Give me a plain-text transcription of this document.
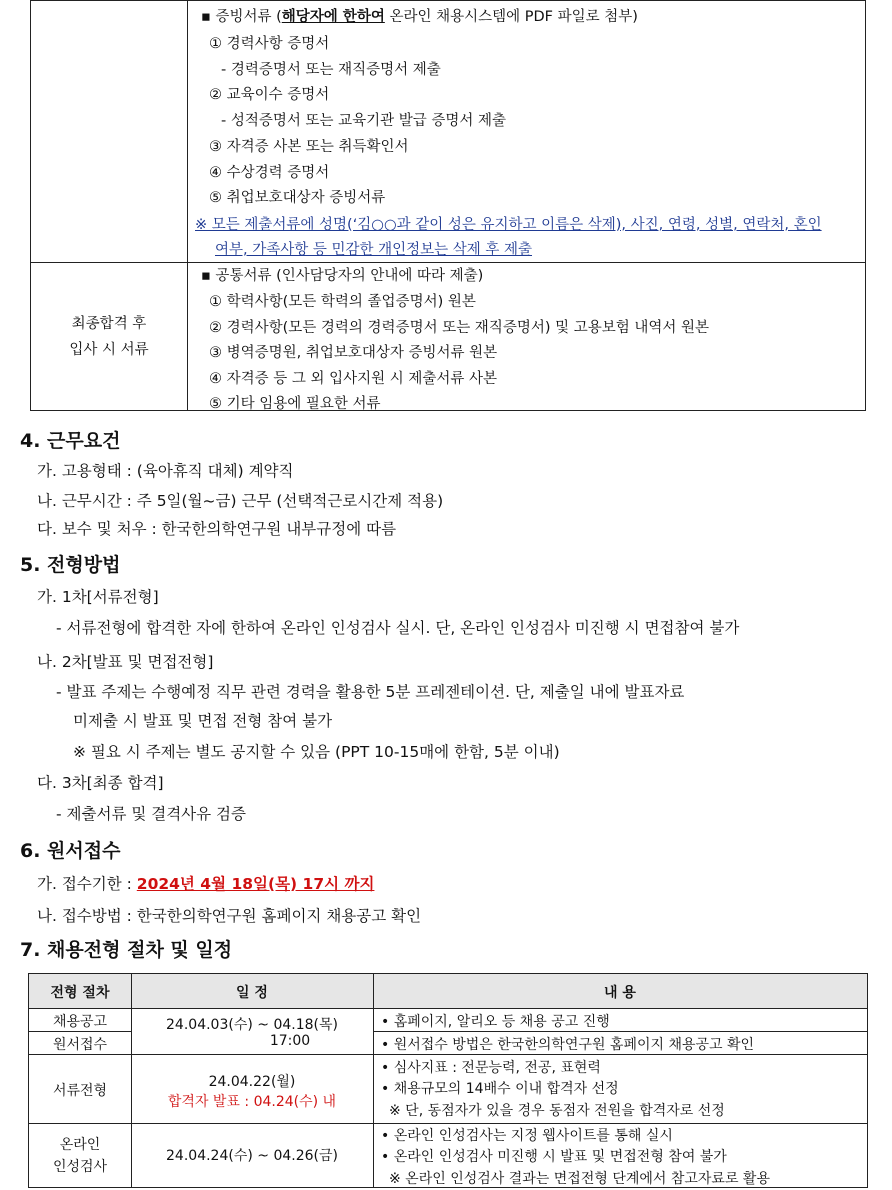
▪ 증빙서류 (해당자에 한하여 온라인 채용시스템에 PDF 파일로 첨부)
① 경력사항 증명서
- 경력증명서 또는 재직증명서 제출
② 교육이수 증명서
- 성적증명서 또는 교육기관 발급 증명서 제출
③ 자격증 사본 또는 취득확인서
④ 수상경력 증명서
⑤ 취업보호대상자 증빙서류
※ 모든 제출서류에 성명(‘김○○과 같이 성은 유지하고 이름은 삭제), 사진, 연령, 성별, 연락처, 혼인
여부, 가족사항 등 민감한 개인정보는 삭제 후 제출
최종합격 후
입사 시 서류
▪ 공통서류 (인사담당자의 안내에 따라 제출)
① 학력사항(모든 학력의 졸업증명서) 원본
② 경력사항(모든 경력의 경력증명서 또는 재직증명서) 및 고용보험 내역서 원본
③ 병역증명원, 취업보호대상자 증빙서류 원본
④ 자격증 등 그 외 입사지원 시 제출서류 사본
⑤ 기타 임용에 필요한 서류
4. 근무요건
가. 고용형태 : (육아휴직 대체) 계약직
나. 근무시간 : 주 5일(월~금) 근무 (선택적근로시간제 적용)
다. 보수 및 처우 : 한국한의학연구원 내부규정에 따름
5. 전형방법
가. 1차[서류전형]
- 서류전형에 합격한 자에 한하여 온라인 인성검사 실시. 단, 온라인 인성검사 미진행 시 면접참여 불가
나. 2차[발표 및 면접전형]
- 발표 주제는 수행예정 직무 관련 경력을 활용한 5분 프레젠테이션. 단, 제출일 내에 발표자료
미제출 시 발표 및 면접 전형 참여 불가
※ 필요 시 주제는 별도 공지할 수 있음 (PPT 10-15매에 한함, 5분 이내)
다. 3차[최종 합격]
- 제출서류 및 결격사유 검증
6. 원서접수
가. 접수기한 : 2024년 4월 18일(목) 17시 까지
나. 접수방법 : 한국한의학연구원 홈페이지 채용공고 확인
7. 채용전형 절차 및 일정
전형 절차	일 정	내 용
채용공고
원서접수
24.04.03(수) ~ 04.18(목)
17:00
• 홈페이지, 알리오 등 채용 공고 진행
• 원서접수 방법은 한국한의학연구원 홈페이지 채용공고 확인
서류전형
24.04.22(월)
합격자 발표 : 04.24(수) 내
• 심사지표 : 전문능력, 전공, 표현력
• 채용규모의 14배수 이내 합격자 선정
※ 단, 동점자가 있을 경우 동점자 전원을 합격자로 선정
온라인
인성검사
24.04.24(수) ~ 04.26(금)
• 온라인 인성검사는 지정 웹사이트를 통해 실시
• 온라인 인성검사 미진행 시 발표 및 면접전형 참여 불가
※ 온라인 인성검사 결과는 면접전형 단계에서 참고자료로 활용
